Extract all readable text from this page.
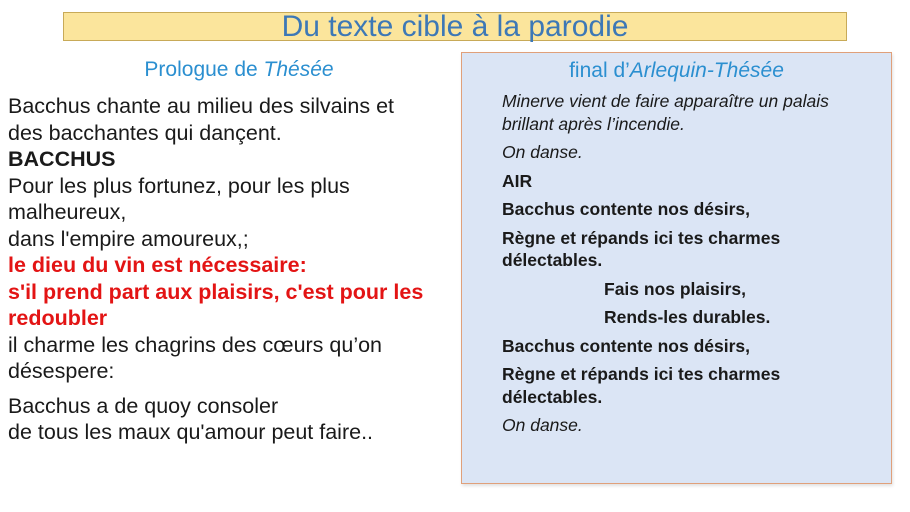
Du texte cible à la parodie
Prologue de Thésée

Bacchus chante au milieu des silvains et

des bacchantes qui dançent.

BACCHUS

Pour les plus fortunez, pour les plus

malheureux,

dans l'empire amoureux,;

le dieu du vin est nécessaire:

s'il prend part aux plaisirs, c'est pour les

redoubler

il charme les chagrins des cœurs qu’on

désespere:

Bacchus a de quoy consoler

de tous les maux qu'amour peut faire..

final d’Arlequin-Thésée

Minerve vient de faire apparaître un palais brillant après l’incendie.

On danse.

AIR

Bacchus contente nos désirs,

Règne et répands ici tes charmes délectables.

Fais nos plaisirs,

Rends-les durables.

Bacchus contente nos désirs,

Règne et répands ici tes charmes délectables.

On danse.
